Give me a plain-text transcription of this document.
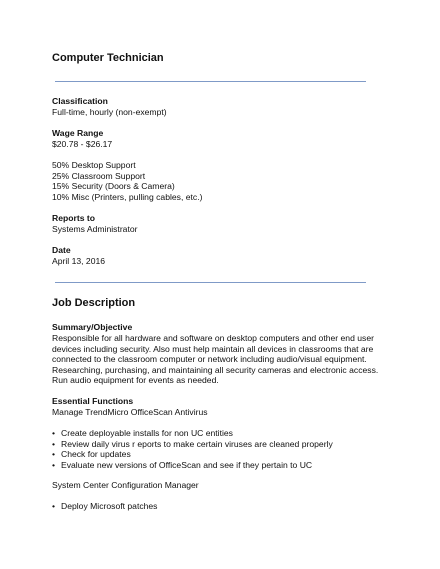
Computer Technician
Classification
Full-time, hourly (non-exempt)
Wage Range
$20.78 - $26.17
50% Desktop Support
25% Classroom Support
15% Security (Doors & Camera)
10% Misc (Printers, pulling cables, etc.)
Reports to
Systems Administrator
Date
April 13, 2016
Job Description
Summary/Objective
Responsible for all hardware and software on desktop computers and other end user
devices including security. Also must help maintain all devices in classrooms that are
connected to the classroom computer or network including audio/visual equipment.
Researching, purchasing, and maintaining all security cameras and electronic access.
Run audio equipment for events as needed.
Essential Functions
Manage TrendMicro OfficeScan Antivirus
• Create deployable installs for non UC entities
• Review daily virus r eports to make certain viruses are cleaned properly
• Check for updates
• Evaluate new versions of OfficeScan and see if they pertain to UC
System Center Configuration Manager
• Deploy Microsoft patches
